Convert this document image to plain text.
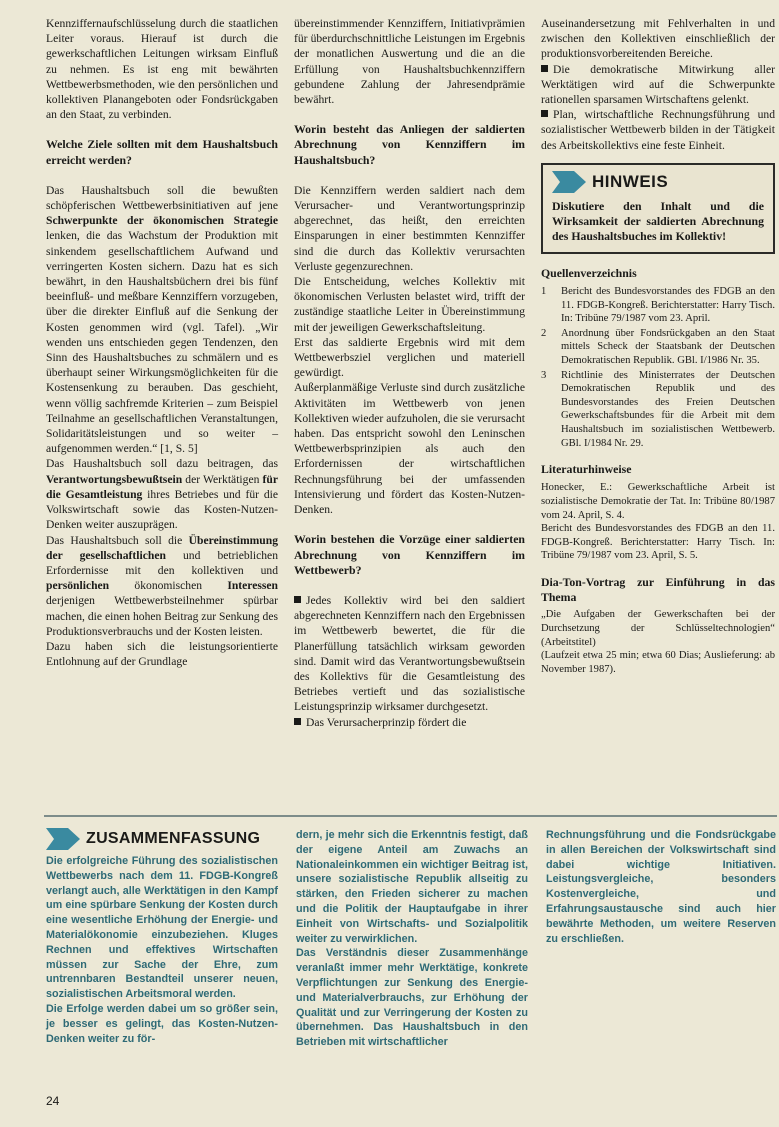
Kennziffernaufschlüsselung durch die staatlichen Leiter voraus. Hierauf ist durch die gewerkschaftlichen Leitungen wirksam Einfluß zu nehmen. Es ist eng mit bewährten Wettbewerbsmethoden, wie den persönlichen und kollektiven Planangeboten oder Fondsrückgaben an den Staat, zu verbinden.

Welche Ziele sollten mit dem Haushaltsbuch erreicht werden?

Das Haushaltsbuch soll die bewußten schöpferischen Wettbewerbsinitiativen auf jene Schwerpunkte der ökonomischen Strategie lenken, die das Wachstum der Produktion mit sinkendem gesellschaftlichem Aufwand und verringerten Kosten sichern. Dazu hat es sich bewährt, in den Haushaltsbüchern drei bis fünf beeinfluß- und meßbare Kennziffern vorzugeben, über die direkter Einfluß auf die Senkung der Kosten genommen wird (vgl. Tafel). „Wir wenden uns entschieden gegen Tendenzen, den Sinn des Haushaltsbuches zu schmälern und es überhaupt seiner Wirkungsmöglichkeiten für die Kostensenkung zu berauben. Das geschieht, wenn völlig sachfremde Kriterien – zum Beispiel Teilnahme an gesellschaftlichen Veranstaltungen, Solidaritätsleistungen und so weiter – aufgenommen werden.“ [1, S. 5]

Das Haushaltsbuch soll dazu beitragen, das Verantwortungsbewußtsein der Werktätigen für die Gesamtleistung ihres Betriebes und für die Volkswirtschaft sowie das Kosten-Nutzen-Denken weiter auszuprägen.

Das Haushaltsbuch soll die Übereinstimmung der gesellschaftlichen und betrieblichen Erfordernisse mit den kollektiven und persönlichen ökonomischen Interessen derjenigen Wettbewerbsteilnehmer spürbar machen, die einen hohen Beitrag zur Senkung des Produktionsverbrauchs und der Kosten leisten.

Dazu haben sich die leistungsorientierte Entlohnung auf der Grundlage

übereinstimmender Kennziffern, Initiativprämien für überdurchschnittliche Leistungen im Ergebnis der monatlichen Auswertung und die an die Erfüllung von Haushaltsbuchkennziffern gebundene Zahlung der Jahresendprämie bewährt.

Worin besteht das Anliegen der saldierten Abrechnung von Kennziffern im Haushaltsbuch?

Die Kennziffern werden saldiert nach dem Verursacher- und Verantwortungsprinzip abgerechnet, das heißt, den erreichten Einsparungen in einer bestimmten Kennziffer sind die durch das Kollektiv verursachten Verluste gegenzurechnen.

Die Entscheidung, welches Kollektiv mit ökonomischen Verlusten belastet wird, trifft der zuständige staatliche Leiter in Übereinstimmung mit der jeweiligen Gewerkschaftsleitung.

Erst das saldierte Ergebnis wird mit dem Wettbewerbsziel verglichen und materiell gewürdigt.

Außerplanmäßige Verluste sind durch zusätzliche Aktivitäten im Wettbewerb von jenen Kollektiven wieder aufzuholen, die sie verursacht haben. Das entspricht sowohl den Leninschen Wettbewerbsprinzipien als auch den Erfordernissen der wirtschaftlichen Rechnungsführung bei der umfassenden Intensivierung und fördert das Kosten-Nutzen-Denken.

Worin bestehen die Vorzüge einer saldierten Abrechnung von Kennziffern im Wettbewerb?

Jedes Kollektiv wird bei den saldiert abgerechneten Kennziffern nach den Ergebnissen im Wettbewerb bewertet, die für die Planerfüllung tatsächlich wirksam geworden sind. Damit wird das Verantwortungsbewußtsein des Kollektivs für die Gesamtleistung des Betriebes vertieft und das sozialistische Leistungsprinzip wirksamer durchgesetzt.

Das Verursacherprinzip fördert die

Auseinandersetzung mit Fehlverhalten in und zwischen den Kollektiven einschließlich der produktionsvorbereitenden Bereiche.

Die demokratische Mitwirkung aller Werktätigen wird auf die Schwerpunkte rationellen sparsamen Wirtschaftens gelenkt.

Plan, wirtschaftliche Rechnungsführung und sozialistischer Wettbewerb bilden in der Tätigkeit des Arbeitskollektivs eine feste Einheit.

HINWEIS
Diskutiere den Inhalt und die Wirksamkeit der saldierten Abrechnung des Haushaltsbuches im Kollektiv!
Quellenverzeichnis
1	Bericht des Bundesvorstandes des FDGB an den 11. FDGB-Kongreß. Berichterstatter: Harry Tisch. In: Tribüne 79/1987 vom 23. April.
2	Anordnung über Fondsrückgaben an den Staat mittels Scheck der Staatsbank der Deutschen Demokratischen Republik. GBl. I/1986 Nr. 35.
3	Richtlinie des Ministerrates der Deutschen Demokratischen Republik und des Bundesvorstandes des Freien Deutschen Gewerkschaftsbundes für die Arbeit mit dem Haushaltsbuch im sozialistischen Wettbewerb. GBl. I/1984 Nr. 29.
Literaturhinweise

Honecker, E.: Gewerkschaftliche Arbeit ist sozialistische Demokratie der Tat. In: Tribüne 80/1987 vom 24. April, S. 4.

Bericht des Bundesvorstandes des FDGB an den 11. FDGB-Kongreß. Berichterstatter: Harry Tisch. In: Tribüne 79/1987 vom 23. April, S. 5.

Dia-Ton-Vortrag zur Einführung in das Thema

„Die Aufgaben der Gewerkschaften bei der Durchsetzung der Schlüsseltechnologien“ (Arbeitstitel)

(Laufzeit etwa 25 min; etwa 60 Dias; Auslieferung: ab November 1987).

ZUSAMMENFASSUNG

Die erfolgreiche Führung des sozialistischen Wettbewerbs nach dem 11. FDGB-Kongreß verlangt auch, alle Werktätigen in den Kampf um eine spürbare Senkung der Kosten durch eine wesentliche Erhöhung der Energie- und Materialökonomie einzubeziehen. Kluges Rechnen und effektives Wirtschaften müssen zur Sache der Ehre, zum untrennbaren Bestandteil unserer neuen, sozialistischen Arbeitsmoral werden.

Die Erfolge werden dabei um so größer sein, je besser es gelingt, das Kosten-Nutzen-Denken weiter zu för-

dern, je mehr sich die Erkenntnis festigt, daß der eigene Anteil am Zuwachs an Nationaleinkommen ein wichtiger Beitrag ist, unsere sozialistische Republik allseitig zu stärken, den Frieden sicherer zu machen und die Politik der Hauptaufgabe in ihrer Einheit von Wirtschafts- und Sozialpolitik weiter zu verwirklichen.

Das Verständnis dieser Zusammenhänge veranlaßt immer mehr Werktätige, konkrete Verpflichtungen zur Senkung des Energie- und Materialverbrauchs, zur Erhöhung der Qualität und zur Verringerung der Kosten zu übernehmen. Das Haushaltsbuch in den Betrieben mit wirtschaftlicher

Rechnungsführung und die Fondsrückgabe in allen Bereichen der Volkswirtschaft sind dabei wichtige Initiativen. Leistungsvergleiche, besonders Kostenvergleiche, und Erfahrungsaustausche sind auch hier bewährte Methoden, um weitere Reserven zu erschließen.

24
